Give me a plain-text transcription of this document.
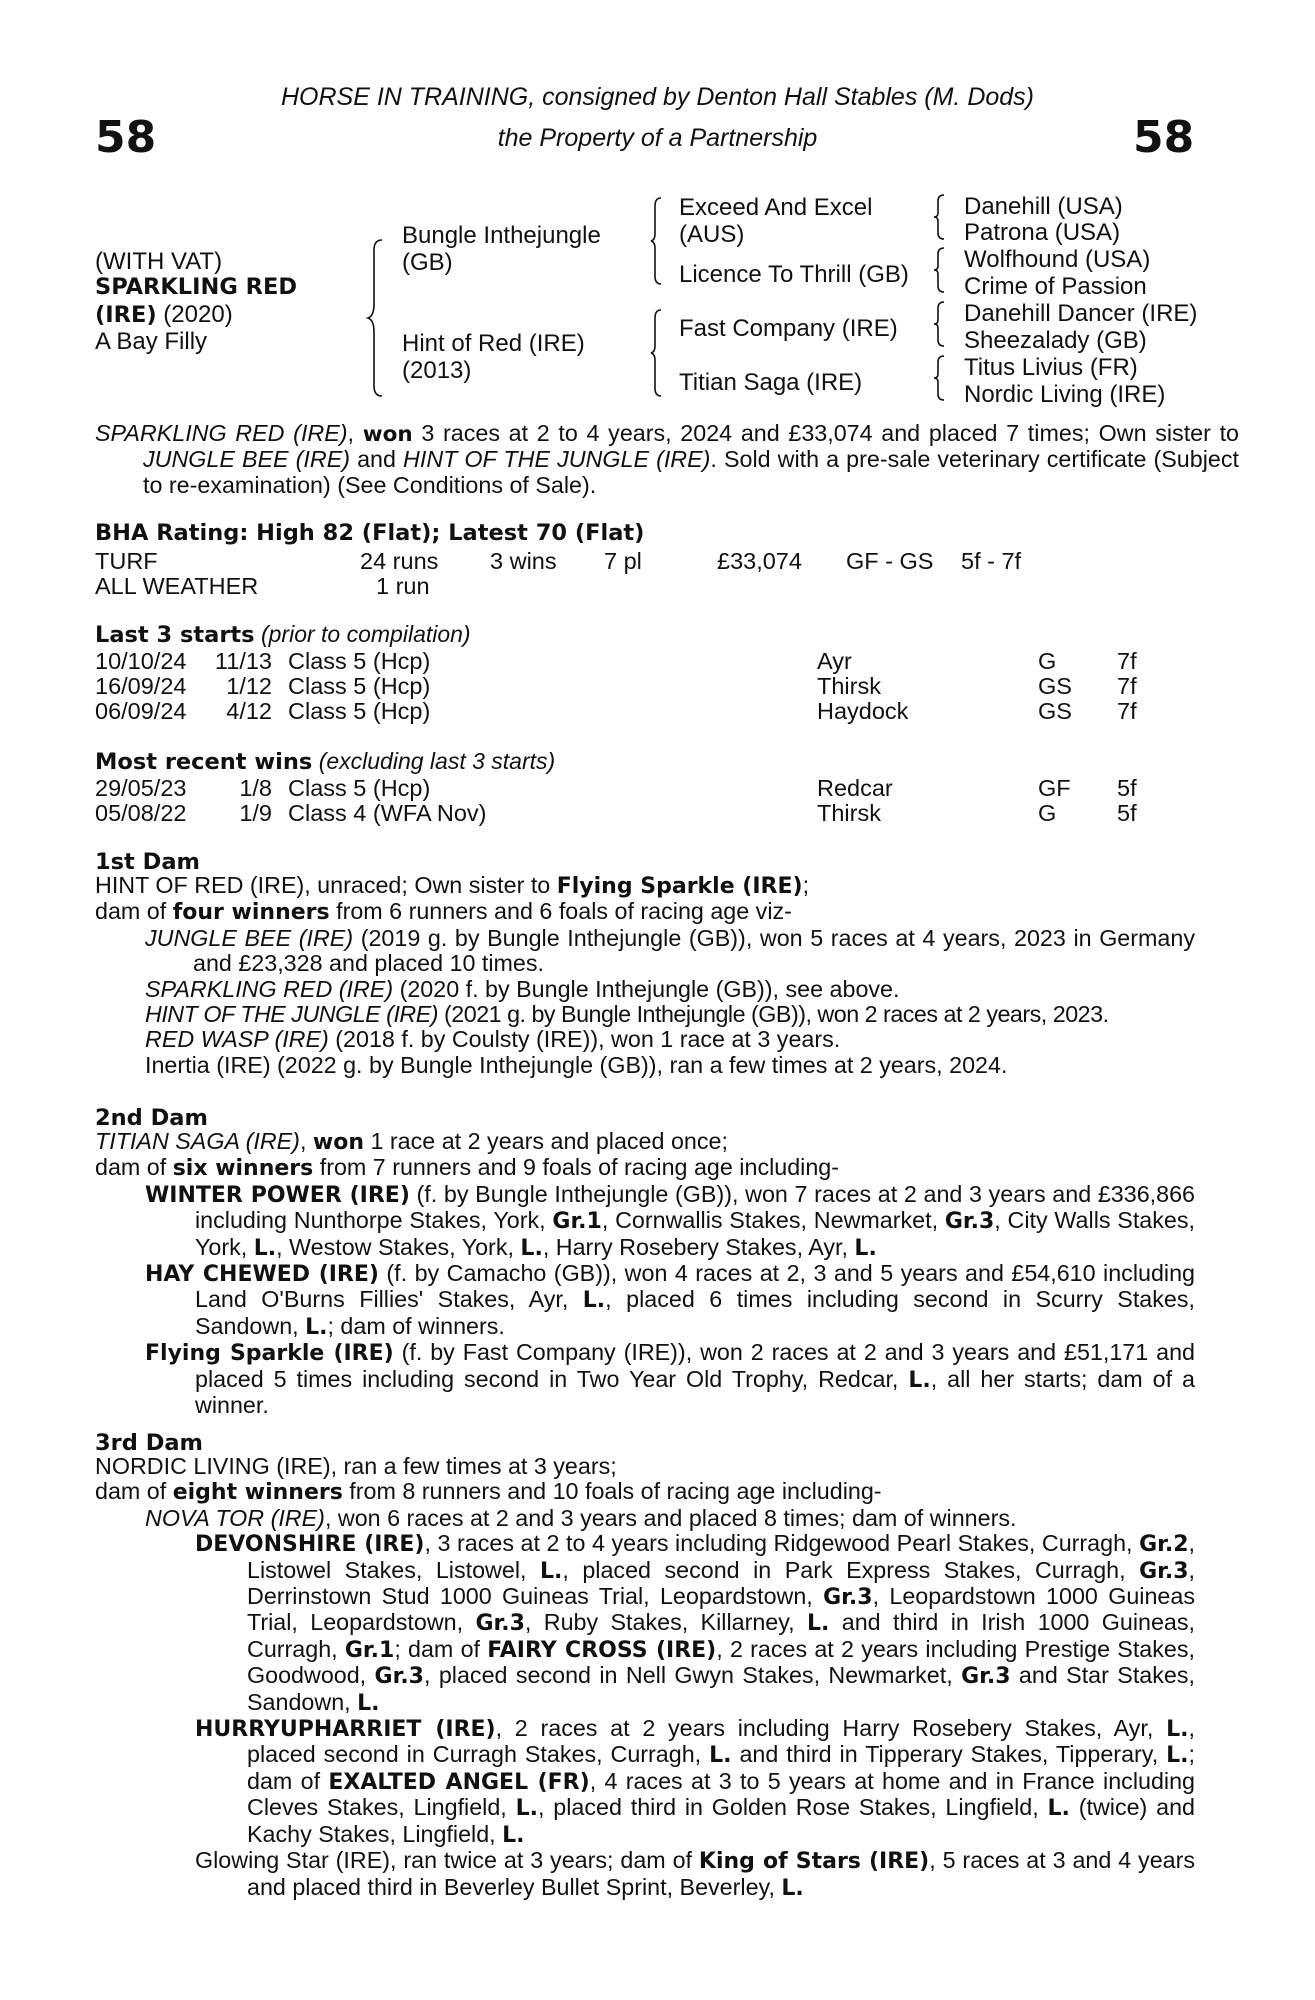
58	58
HORSE IN TRAINING, consigned by Denton Hall Stables (M. Dods)
the Property of a Partnership
(WITH VAT)
SPARKLING RED
(IRE) (2020)
A Bay Filly
Bungle Inthejungle
(GB)
Hint of Red (IRE)
(2013)
Exceed And Excel
(AUS)
Licence To Thrill (GB)
Fast Company (IRE)
Titian Saga (IRE)
Danehill (USA)
Patrona (USA)
Wolfhound (USA)
Crime of Passion
Danehill Dancer (IRE)
Sheezalady (GB)
Titus Livius (FR)
Nordic Living (IRE)
SPARKLING RED (IRE), won 3 races at 2 to 4 years, 2024 and £33,074 and placed 7 times; Own sister to JUNGLE BEE (IRE) and HINT OF THE JUNGLE (IRE). Sold with a pre-sale veterinary certificate (Subject to re-examination) (See Conditions of Sale).
BHA Rating: High 82 (Flat); Latest 70 (Flat)
TURF	24 runs 3 wins 7 pl	£33,074 GF - GS 5f - 7f
ALL WEATHER	1 run
Last 3 starts (prior to compilation)
10/10/24 11/13 Class 5 (Hcp)	Ayr	G	7f
16/09/24 1/12 Class 5 (Hcp)	Thirsk	GS 7f
06/09/24 4/12 Class 5 (Hcp)	Haydock	GS 7f
Most recent wins (excluding last 3 starts)
29/05/23 1/8 Class 5 (Hcp)	Redcar	GF 5f
05/08/22 1/9 Class 4 (WFA Nov)	Thirsk	G	5f
1st Dam

HINT OF RED (IRE), unraced; Own sister to Flying Sparkle (IRE);

dam of four winners from 6 runners and 6 foals of racing age viz-

JUNGLE BEE (IRE) (2019 g. by Bungle Inthejungle (GB)), won 5 races at 4 years, 2023 in Germany and £23,328 and placed 10 times.

SPARKLING RED (IRE) (2020 f. by Bungle Inthejungle (GB)), see above.

HINT OF THE JUNGLE (IRE) (2021 g. by Bungle Inthejungle (GB)), won 2 races at 2 years, 2023.

RED WASP (IRE) (2018 f. by Coulsty (IRE)), won 1 race at 3 years.

Inertia (IRE) (2022 g. by Bungle Inthejungle (GB)), ran a few times at 2 years, 2024.

2nd Dam

TITIAN SAGA (IRE), won 1 race at 2 years and placed once;

dam of six winners from 7 runners and 9 foals of racing age including-

WINTER POWER (IRE) (f. by Bungle Inthejungle (GB)), won 7 races at 2 and 3 years and £336,866 including Nunthorpe Stakes, York, Gr.1, Cornwallis Stakes, Newmarket, Gr.3, City Walls Stakes, York, L., Westow Stakes, York, L., Harry Rosebery Stakes, Ayr, L.

HAY CHEWED (IRE) (f. by Camacho (GB)), won 4 races at 2, 3 and 5 years and £54,610 including Land O'Burns Fillies' Stakes, Ayr, L., placed 6 times including second in Scurry Stakes, Sandown, L.; dam of winners.

Flying Sparkle (IRE) (f. by Fast Company (IRE)), won 2 races at 2 and 3 years and £51,171 and placed 5 times including second in Two Year Old Trophy, Redcar, L., all her starts; dam of a winner.

3rd Dam

NORDIC LIVING (IRE), ran a few times at 3 years;

dam of eight winners from 8 runners and 10 foals of racing age including-

NOVA TOR (IRE), won 6 races at 2 and 3 years and placed 8 times; dam of winners.

DEVONSHIRE (IRE), 3 races at 2 to 4 years including Ridgewood Pearl Stakes, Curragh, Gr.2, Listowel Stakes, Listowel, L., placed second in Park Express Stakes, Curragh, Gr.3, Derrinstown Stud 1000 Guineas Trial, Leopardstown, Gr.3, Leopardstown 1000 Guineas Trial, Leopardstown, Gr.3, Ruby Stakes, Killarney, L. and third in Irish 1000 Guineas, Curragh, Gr.1; dam of FAIRY CROSS (IRE), 2 races at 2 years including Prestige Stakes, Goodwood, Gr.3, placed second in Nell Gwyn Stakes, Newmarket, Gr.3 and Star Stakes, Sandown, L.

HURRYUPHARRIET (IRE), 2 races at 2 years including Harry Rosebery Stakes, Ayr, L., placed second in Curragh Stakes, Curragh, L. and third in Tipperary Stakes, Tipperary, L.; dam of EXALTED ANGEL (FR), 4 races at 3 to 5 years at home and in France including Cleves Stakes, Lingfield, L., placed third in Golden Rose Stakes, Lingfield, L. (twice) and Kachy Stakes, Lingfield, L.

Glowing Star (IRE), ran twice at 3 years; dam of King of Stars (IRE), 5 races at 3 and 4 years and placed third in Beverley Bullet Sprint, Beverley, L.
